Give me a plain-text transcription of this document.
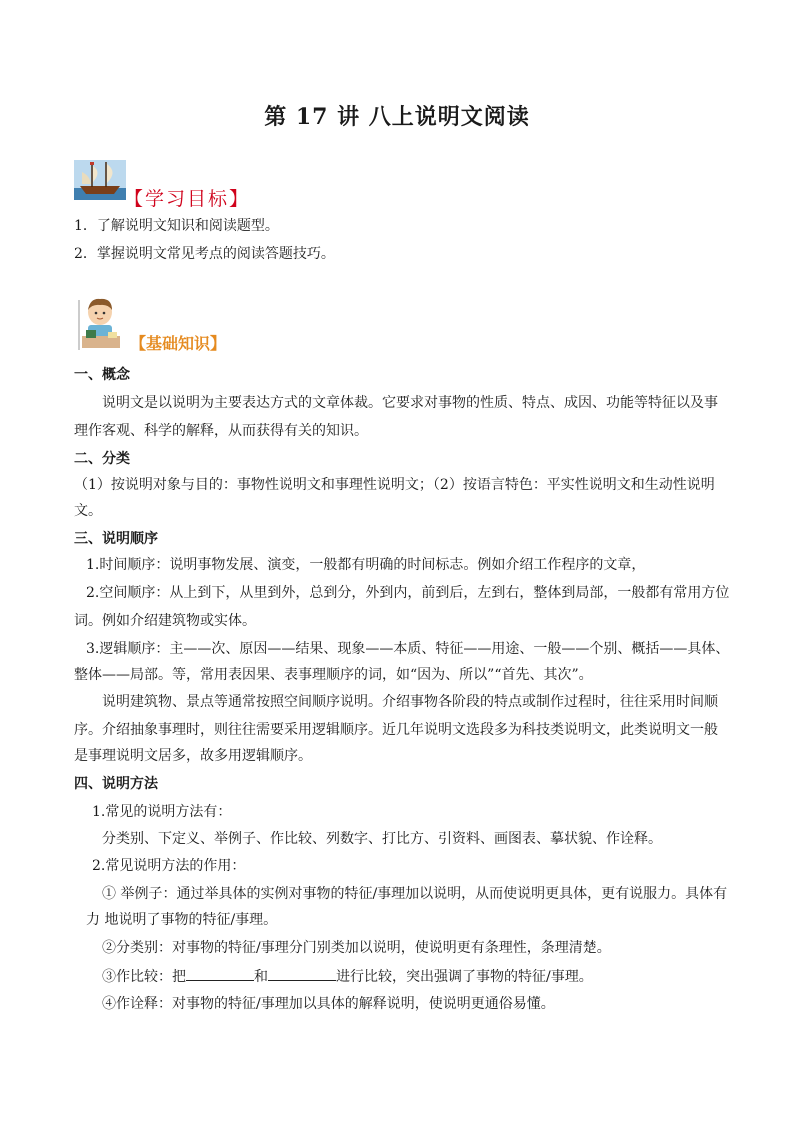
第 17 讲 八上说明文阅读
【学习目标】
1．了解说明文知识和阅读题型。
2．掌握说明文常见考点的阅读答题技巧。
【基础知识】
一、概念
说明文是以说明为主要表达方式的文章体裁。它要求对事物的性质、特点、成因、功能等特征以及事
理作客观、科学的解释，从而获得有关的知识。
二、分类
（1）按说明对象与目的：事物性说明文和事理性说明文；（2）按语言特色：平实性说明文和生动性说明
文。
三、说明顺序
1.时间顺序：说明事物发展、演变，一般都有明确的时间标志。例如介绍工作程序的文章，
2.空间顺序：从上到下，从里到外，总到分，外到内，前到后，左到右，整体到局部，一般都有常用方位
词。例如介绍建筑物或实体。
3.逻辑顺序：主——次、原因——结果、现象——本质、特征——用途、一般——个别、概括——具体、
整体——局部。等，常用表因果、表事理顺序的词，如“因为、所以”“首先、其次”。
说明建筑物、景点等通常按照空间顺序说明。介绍事物各阶段的特点或制作过程时，往往采用时间顺
序。介绍抽象事理时，则往往需要采用逻辑顺序。近几年说明文选段多为科技类说明文，此类说明文一般
是事理说明文居多，故多用逻辑顺序。
四、说明方法
1.常见的说明方法有：
分类别、下定义、举例子、作比较、列数字、打比方、引资料、画图表、摹状貌、作诠释。
2.常见说明方法的作用：
① 举例子：通过举具体的实例对事物的特征/事理加以说明，从而使说明更具体，更有说服力。具体有
力 地说明了事物的特征/事理。
②分类别：对事物的特征/事理分门别类加以说明，使说明更有条理性，条理清楚。
③作比较：把	和	进行比较，突出强调了事物的特征/事理。
④作诠释：对事物的特征/事理加以具体的解释说明，使说明更通俗易懂。
